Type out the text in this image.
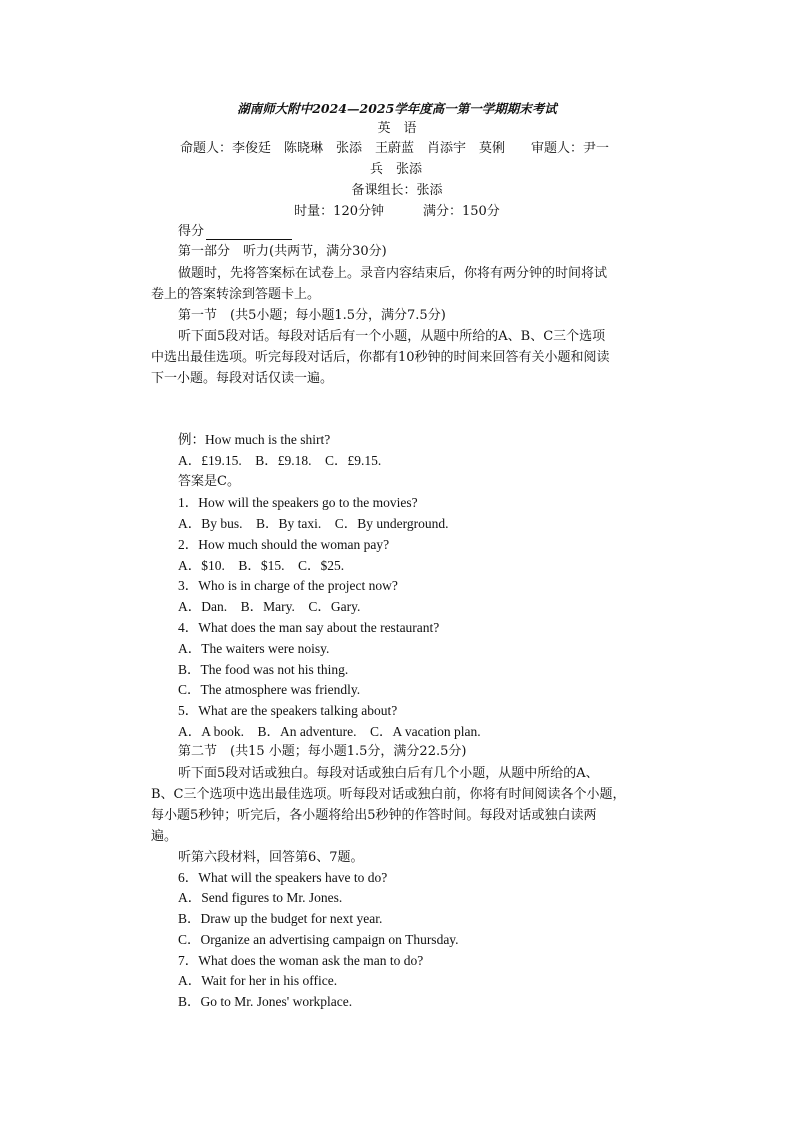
湖南师大附中2024—2025学年度高一第一学期期末考试
英　语
命题人：李俊廷　陈晓琳　张添　王蔚蓝　肖添宇　莫俐　　审题人：尹一
兵　张添
备课组长：张添
时量：120分钟　　　满分：150分
得分
第一部分　听力(共两节，满分30分)
做题时，先将答案标在试卷上。录音内容结束后，你将有两分钟的时间将试
卷上的答案转涂到答题卡上。
第一节　(共5小题；每小题1.5分，满分7.5分)
听下面5段对话。每段对话后有一个小题，从题中所给的A、B、C三个选项
中选出最佳选项。听完每段对话后，你都有10秒钟的时间来回答有关小题和阅读
下一小题。每段对话仅读一遍。
例：How much is the shirt?
A．£19.15.　B．£9.18.　C．£9.15.
答案是C。
1．How will the speakers go to the movies?
A．By bus.　B．By taxi.　C．By underground.
2．How much should the woman pay?
A．$10.　B．$15.　C．$25.
3．Who is in charge of the project now?
A．Dan.　B．Mary.　C．Gary.
4．What does the man say about the restaurant?
A．The waiters were noisy.
B．The food was not his thing.
C．The atmosphere was friendly.
5．What are the speakers talking about?
A．A book.　B．An adventure.　C．A vacation plan.
第二节　(共15 小题；每小题1.5分，满分22.5分)
听下面5段对话或独白。每段对话或独白后有几个小题，从题中所给的A、
B、C三个选项中选出最佳选项。听每段对话或独白前，你将有时间阅读各个小题，
每小题5秒钟；听完后，各小题将给出5秒钟的作答时间。每段对话或独白读两
遍。
听第六段材料，回答第6、7题。
6．What will the speakers have to do?
A．Send figures to Mr. Jones.
B．Draw up the budget for next year.
C．Organize an advertising campaign on Thursday.
7．What does the woman ask the man to do?
A．Wait for her in his office.
B．Go to Mr. Jones' workplace.
